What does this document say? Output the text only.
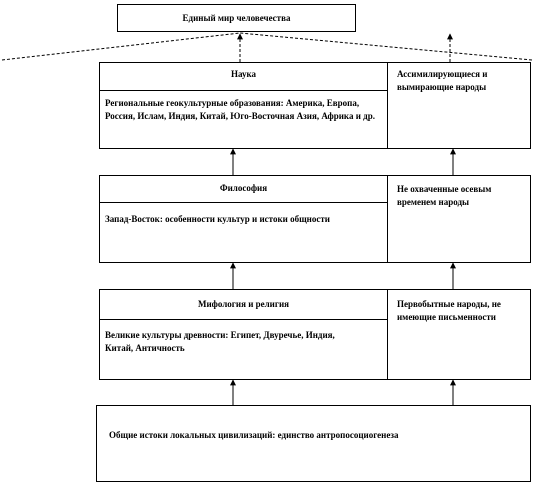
Единый мир человечества
Наука
Региональные геокультурные образования: Америка, Европа, Россия, Ислам, Индия, Китай, Юго-Восточная Азия, Африка и др.
Ассимилирующиеся и вымирающие народы
Философия
Запад-Восток: особенности культур и истоки общности
Не охваченные осевым временем народы
Мифология и религия
Великие культуры древности: Египет, Двуречье, Индия, Китай, Античность
Первобытные народы, не имеющие письменности
Общие истоки локальных цивилизаций: единство антропосоциогенеза
